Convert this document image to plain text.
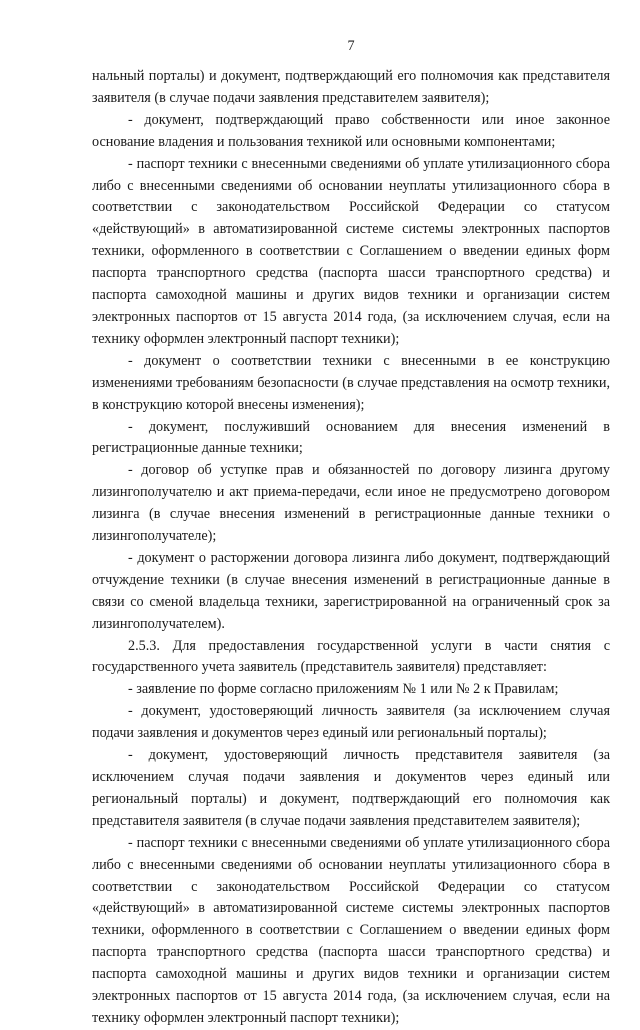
7

нальный порталы) и документ, подтверждающий его полномочия как представителя заявителя (в случае подачи заявления представителем заявителя);

- документ, подтверждающий право собственности или иное законное основание владения и пользования техникой или основными компонентами;

- паспорт техники с внесенными сведениями об уплате утилизационного сбора либо с внесенными сведениями об основании неуплаты утилизационного сбора в соответствии с законодательством Российской Федерации со статусом «действующий» в автоматизированной системе системы электронных паспортов техники, оформленного в соответствии с Соглашением о введении единых форм паспорта транспортного средства (паспорта шасси транспортного средства) и паспорта самоходной машины и других видов техники и организации систем электронных паспортов от 15 августа 2014 года, (за исключением случая, если на технику оформлен электронный паспорт техники);

- документ о соответствии техники с внесенными в ее конструкцию изменениями требованиям безопасности (в случае представления на осмотр техники, в конструкцию которой внесены изменения);

- документ, послуживший основанием для внесения изменений в регистрационные данные техники;

- договор об уступке прав и обязанностей по договору лизинга другому лизингополучателю и акт приема-передачи, если иное не предусмотрено договором лизинга (в случае внесения изменений в регистрационные данные техники о лизингополучателе);

- документ о расторжении договора лизинга либо документ, подтверждающий отчуждение техники (в случае внесения изменений в регистрационные данные в связи со сменой владельца техники, зарегистрированной на ограниченный срок за лизингополучателем).

2.5.3. Для предоставления государственной услуги в части снятия с государственного учета заявитель (представитель заявителя) представляет:

- заявление по форме согласно приложениям № 1 или № 2 к Правилам;

- документ, удостоверяющий личность заявителя (за исключением случая подачи заявления и документов через единый или региональный порталы);

- документ, удостоверяющий личность представителя заявителя (за исключением случая подачи заявления и документов через единый или региональный порталы) и документ, подтверждающий его полномочия как представителя заявителя (в случае подачи заявления представителем заявителя);

- паспорт техники с внесенными сведениями об уплате утилизационного сбора либо с внесенными сведениями об основании неуплаты утилизационного сбора в соответствии с законодательством Российской Федерации со статусом «действующий» в автоматизированной системе системы электронных паспортов техники, оформленного в соответствии с Соглашением о введении единых форм паспорта транспортного средства (паспорта шасси транспортного средства) и паспорта самоходной машины и других видов техники и организации систем электронных паспортов от 15 августа 2014 года, (за исключением случая, если на технику оформлен электронный паспорт техники);
